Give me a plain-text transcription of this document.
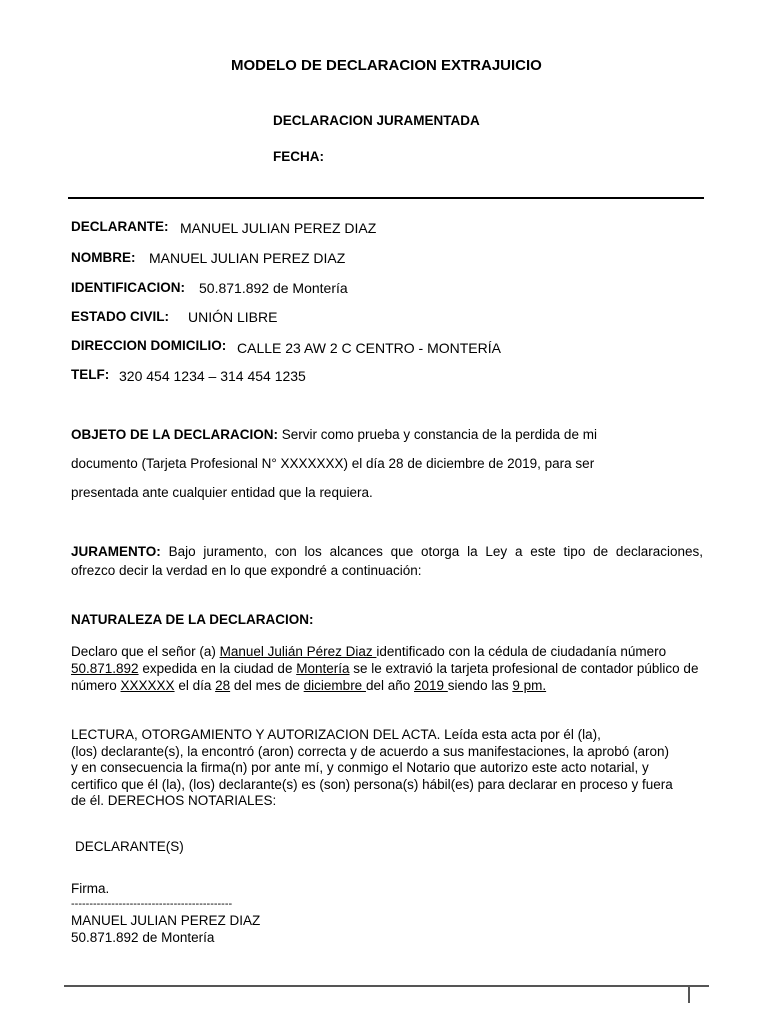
MODELO DE DECLARACION EXTRAJUICIO
DECLARACION JURAMENTADA
FECHA:
DECLARANTE: MANUEL JULIAN PEREZ DIAZ
NOMBRE: MANUEL JULIAN PEREZ DIAZ
IDENTIFICACION: 50.871.892 de Montería
ESTADO CIVIL: UNIÓN LIBRE
DIRECCION DOMICILIO: CALLE 23 AW 2 C CENTRO - MONTERÍA
TELF: 320 454 1234 – 314 454 1235
OBJETO DE LA DECLARACION: Servir como prueba y constancia de la perdida de mi
documento (Tarjeta Profesional N° XXXXXXX) el día 28 de diciembre de 2019, para ser
presentada ante cualquier entidad que la requiera.
JURAMENTO: Bajo juramento, con los alcances que otorga la Ley a este tipo de declaraciones,
ofrezco decir la verdad en lo que expondré a continuación:
NATURALEZA DE LA DECLARACION:
Declaro que el señor (a) Manuel Julián Pérez Diaz identificado con la cédula de ciudadanía número
50.871.892 expedida en la ciudad de Montería se le extravió la tarjeta profesional de contador público de
número XXXXXX el día 28 del mes de diciembre del año 2019 siendo las 9 pm.
LECTURA, OTORGAMIENTO Y AUTORIZACION DEL ACTA. Leída esta acta por él (la),
(los) declarante(s), la encontró (aron) correcta y de acuerdo a sus manifestaciones, la aprobó (aron)
y en consecuencia la firma(n) por ante mí, y conmigo el Notario que autorizo este acto notarial, y
certifico que él (la), (los) declarante(s) es (son) persona(s) hábil(es) para declarar en proceso y fuera
de él. DERECHOS NOTARIALES:
DECLARANTE(S)
Firma.
--------------------------------------------
MANUEL JULIAN PEREZ DIAZ
50.871.892 de Montería
